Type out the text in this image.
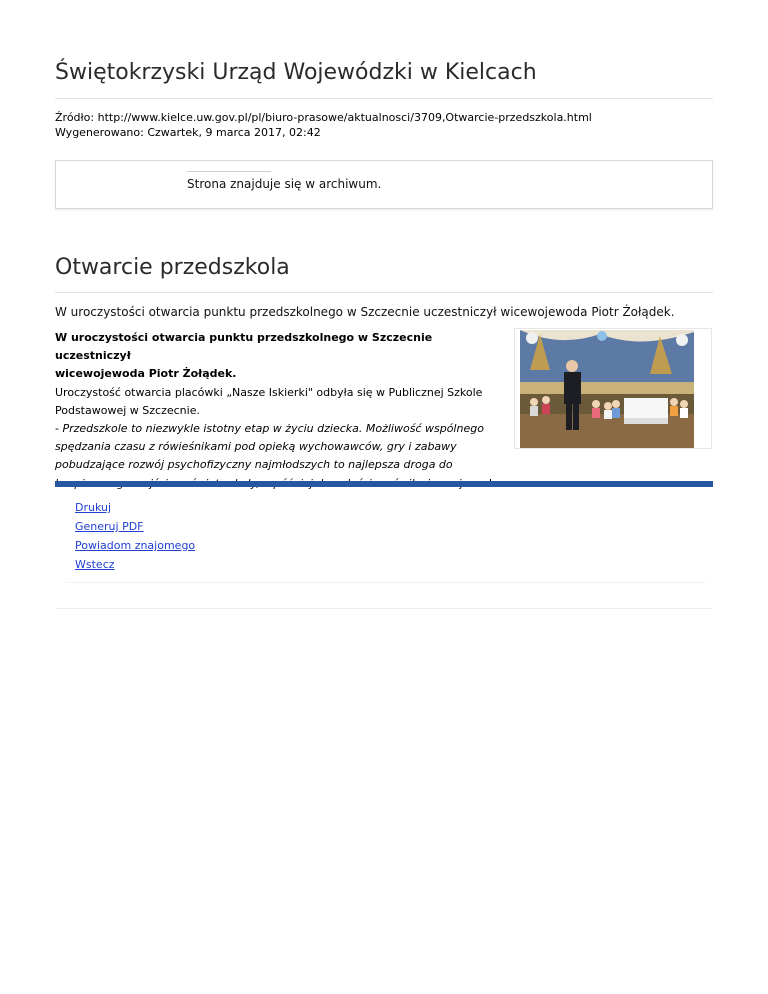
Świętokrzyski Urząd Wojewódzki w Kielcach
Źródło: http://www.kielce.uw.gov.pl/pl/biuro-prasowe/aktualnosci/3709,Otwarcie-przedszkola.html
Wygenerowano: Czwartek, 9 marca 2017, 02:42
Strona znajduje się w archiwum.
Otwarcie przedszkola
W uroczystości otwarcia punktu przedszkolnego w Szczecnie uczestniczył wicewojewoda Piotr Żołądek.
W uroczystości otwarcia punktu przedszkolnego w Szczecnie uczestniczył
wicewojewoda Piotr Żołądek.
Uroczystość otwarcia placówki „Nasze Iskierki" odbyła się w Publicznej Szkole Podstawowej w Szczecnie.
- Przedszkole to niezwykle istotny etap w życiu dziecka. Możliwość wspólnego spędzania czasu z rówieśnikami pod opieką wychowawców, gry i zabawy pobudzające rozwój psychofizyczny najmłodszych to najlepsza droga do
Drukuj
Generuj PDF
Powiadom znajomego
Wstecz
